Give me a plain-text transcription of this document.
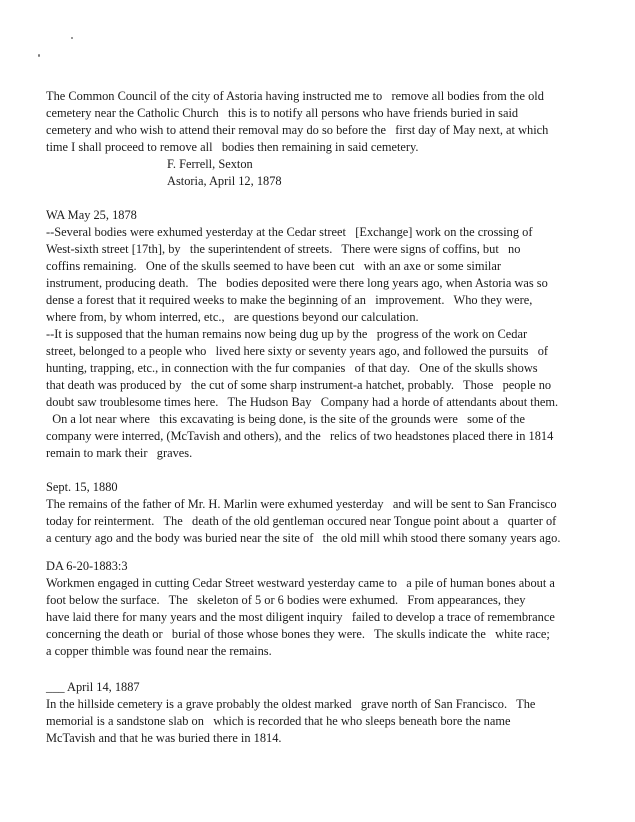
The Common Council of the city of Astoria having instructed me to   remove all bodies from the old
cemetery near the Catholic Church   this is to notify all persons who have friends buried in said
cemetery and who wish to attend their removal may do so before the   first day of May next, at which
time I shall proceed to remove all   bodies then remaining in said cemetery.
F. Ferrell, Sexton
Astoria, April 12, 1878
WA May 25, 1878
--Several bodies were exhumed yesterday at the Cedar street   [Exchange] work on the crossing of
West-sixth street [17th], by   the superintendent of streets.   There were signs of coffins, but   no
coffins remaining.   One of the skulls seemed to have been cut   with an axe or some similar
instrument, producing death.   The   bodies deposited were there long years ago, when Astoria was so
dense a forest that it required weeks to make the beginning of an   improvement.   Who they were,
where from, by whom interred, etc.,   are questions beyond our calculation.
--It is supposed that the human remains now being dug up by the   progress of the work on Cedar
street, belonged to a people who   lived here sixty or seventy years ago, and followed the pursuits   of
hunting, trapping, etc., in connection with the fur companies   of that day.   One of the skulls shows
that death was produced by   the cut of some sharp instrument-a hatchet, probably.   Those   people no
doubt saw troublesome times here.   The Hudson Bay   Company had a horde of attendants about them.
On a lot near where   this excavating is being done, is the site of the grounds were   some of the
company were interred, (McTavish and others), and the   relics of two headstones placed there in 1814
remain to mark their   graves.
Sept. 15, 1880
The remains of the father of Mr. H. Marlin were exhumed yesterday   and will be sent to San Francisco
today for reinterment.   The   death of the old gentleman occured near Tongue point about a   quarter of
a century ago and the body was buried near the site of   the old mill whih stood there somany years ago.
DA 6-20-1883:3
Workmen engaged in cutting Cedar Street westward yesterday came to   a pile of human bones about a
foot below the surface.   The   skeleton of 5 or 6 bodies were exhumed.   From appearances, they
have laid there for many years and the most diligent inquiry   failed to develop a trace of remembrance
concerning the death or   burial of those whose bones they were.   The skulls indicate the   white race;
a copper thimble was found near the remains.
___ April 14, 1887
In the hillside cemetery is a grave probably the oldest marked   grave north of San Francisco.   The
memorial is a sandstone slab on   which is recorded that he who sleeps beneath bore the name
McTavish and that he was buried there in 1814.
